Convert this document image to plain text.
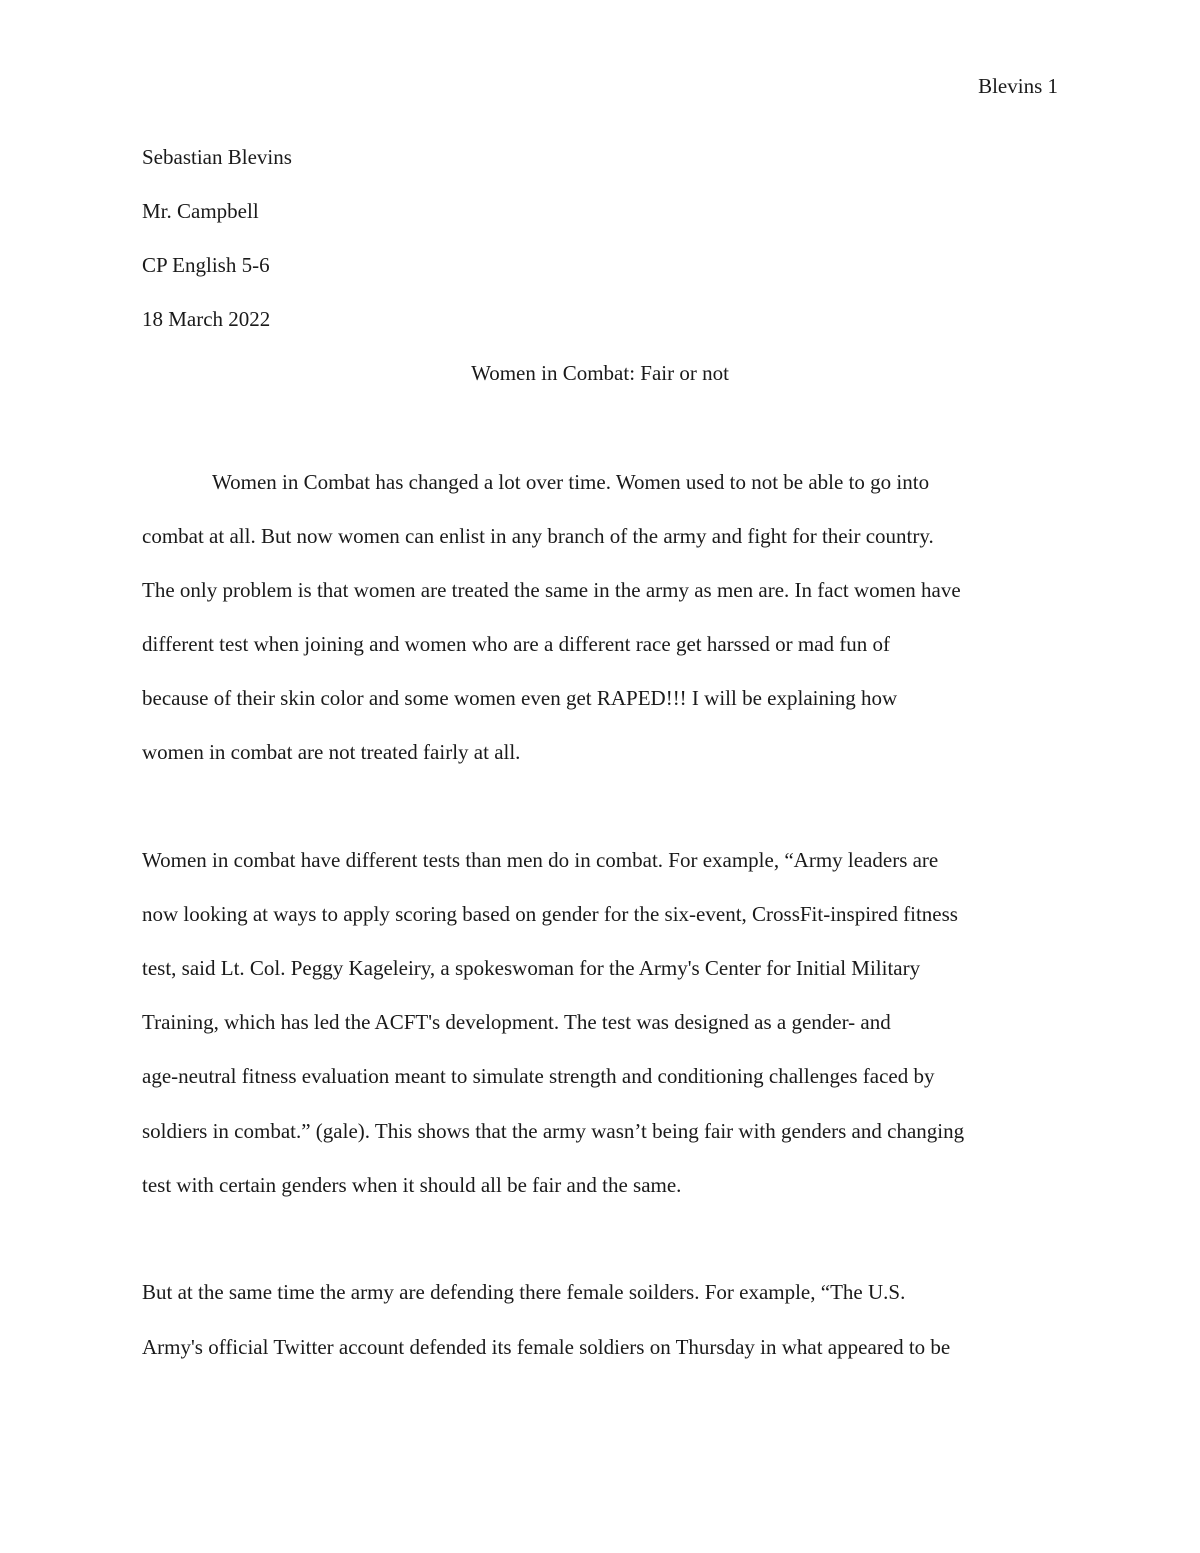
Blevins 1
Sebastian Blevins
Mr. Campbell
CP English 5-6
18 March 2022
Women in Combat: Fair or not
Women in Combat has changed a lot over time. Women used to not be able to go into
combat at all. But now women can enlist in any branch of the army and fight for their country.
The only problem is that women are treated the same in the army as men are. In fact women have
different test when joining and women who are a different race get harssed or mad fun of
because of their skin color and some women even get RAPED!!! I will be explaining how
women in combat are not treated fairly at all.
Women in combat have different tests than men do in combat. For example, “Army leaders are
now looking at ways to apply scoring based on gender for the six-event, CrossFit-inspired fitness
test, said Lt. Col. Peggy Kageleiry, a spokeswoman for the Army's Center for Initial Military
Training, which has led the ACFT's development. The test was designed as a gender- and
age-neutral fitness evaluation meant to simulate strength and conditioning challenges faced by
soldiers in combat.” (gale). This shows that the army wasn’t being fair with genders and changing
test with certain genders when it should all be fair and the same.
But at the same time the army are defending there female soilders. For example, “The U.S.
Army's official Twitter account defended its female soldiers on Thursday in what appeared to be
